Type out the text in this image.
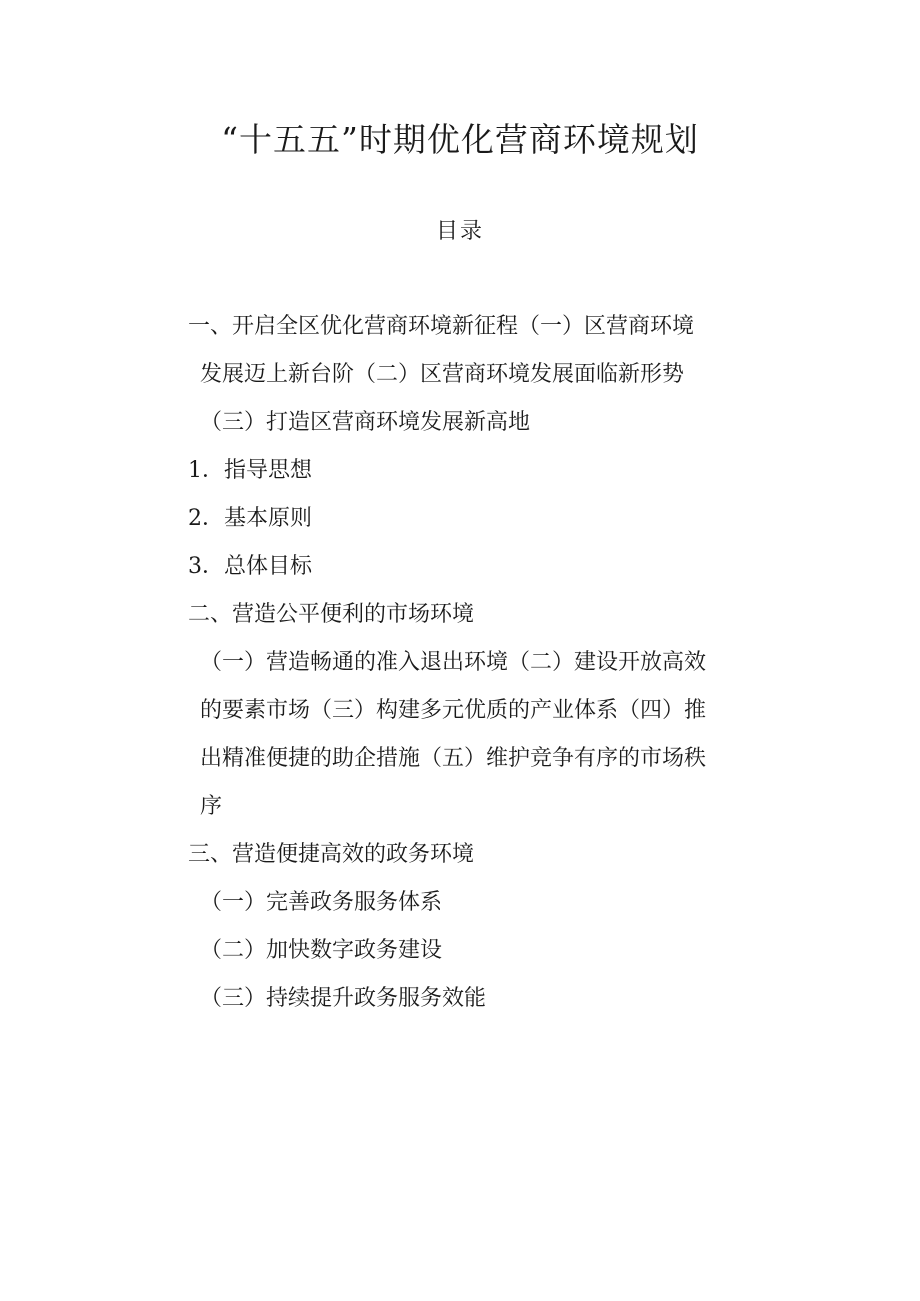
“十五五”时期优化营商环境规划
目录
一、开启全区优化营商环境新征程（一）区营商环境
发展迈上新台阶（二）区营商环境发展面临新形势
（三）打造区营商环境发展新高地
1．指导思想
2．基本原则
3．总体目标
二、营造公平便利的市场环境
（一）营造畅通的准入退出环境（二）建设开放高效
的要素市场（三）构建多元优质的产业体系（四）推
出精准便捷的助企措施（五）维护竞争有序的市场秩
序
三、营造便捷高效的政务环境
（一）完善政务服务体系
（二）加快数字政务建设
（三）持续提升政务服务效能
